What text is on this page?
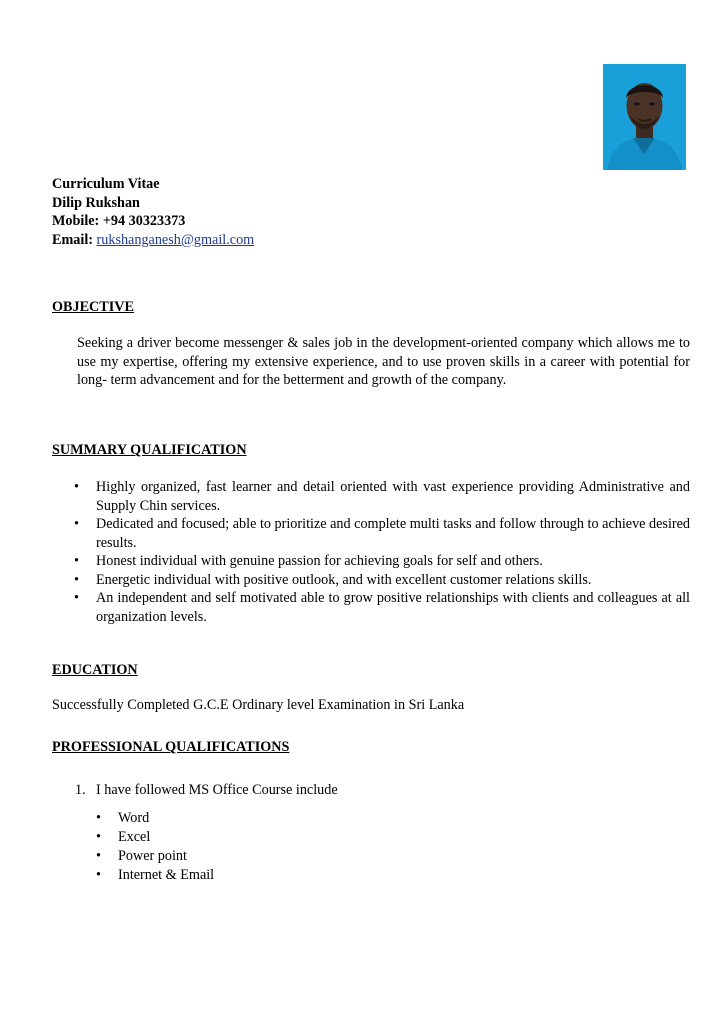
Curriculum Vitae
Dilip Rukshan
Mobile: +94 30323373
Email: rukshanganesh@gmail.com
OBJECTIVE
Seeking a driver become messenger & sales job in the development-oriented company which allows me to use my expertise, offering my extensive experience, and to use proven skills in a career with potential for long- term advancement and for the betterment and growth of the company.
SUMMARY QUALIFICATION
• Highly organized, fast learner and detail oriented with vast experience providing Administrative and Supply Chin services.
• Dedicated and focused; able to prioritize and complete multi tasks and follow through to achieve desired results.
• Honest individual with genuine passion for achieving goals for self and others.
• Energetic individual with positive outlook, and with excellent customer relations skills.
• An independent and self motivated able to grow positive relationships with clients and colleagues at all organization levels.
EDUCATION
Successfully Completed G.C.E Ordinary level Examination in Sri Lanka
PROFESSIONAL QUALIFICATIONS
1. I have followed MS Office Course include
• Word
• Excel
• Power point
• Internet & Email
